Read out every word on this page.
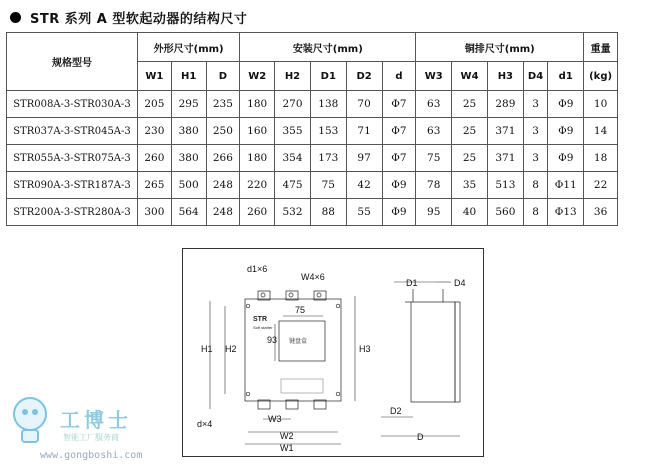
STR 系列 A 型软起动器的结构尺寸
规格型号	外形尺寸(mm)			安装尺寸(mm)					铜排尺寸(mm)					重量
	W1	H1	D	W2	H2	D1	D2	d	W3	W4	H3	D4	d1	(kg)
STR008A-3-STR030A-3	205	295	235	180	270	138	70	Φ7	63	25	289	3	Φ9	10
STR037A-3-STR045A-3	230	380	250	160	355	153	71	Φ7	63	25	371	3	Φ9	14
STR055A-3-STR075A-3	260	380	266	180	354	173	97	Φ7	75	25	371	3	Φ9	18
STR090A-3-STR187A-3	265	500	248	220	475	75	42	Φ9	78	35	513	8	Φ11	22
STR200A-3-STR280A-3	300	564	248	260	532	88	55	Φ9	95	40	560	8	Φ13	36
STR
Soft starter
键盘盒
d1×6
W4×6
75
93
H1 H2	H3
W3
W2
W1
d×4
D2
D
D1	D4
工博士
智能工厂服务商
www.gongboshi.com
